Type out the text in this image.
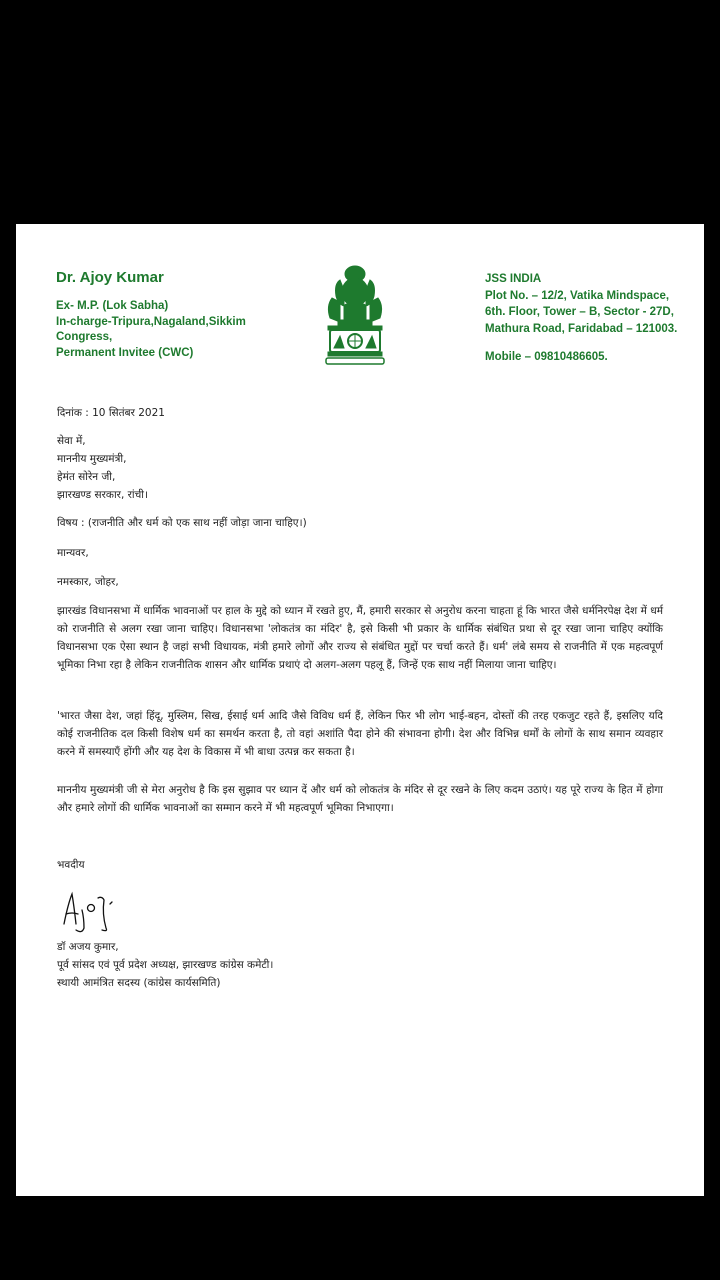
Dr. Ajoy Kumar
Ex- M.P. (Lok Sabha)
In-charge-Tripura,Nagaland,Sikkim
Congress,
Permanent Invitee (CWC)
JSS INDIA
Plot No. – 12/2, Vatika Mindspace,
6th. Floor, Tower – B, Sector - 27D,
Mathura Road, Faridabad – 121003.
Mobile – 09810486605.
दिनांक : 10 सितंबर 2021
सेवा में,
माननीय मुख्यमंत्री,
हेमंत सोरेन जी,
झारखण्ड सरकार, रांची।
विषय : (राजनीति और धर्म को एक साथ नहीं जोड़ा जाना चाहिए।)
मान्यवर,
नमस्कार, जोहर,
झारखंड विधानसभा में धार्मिक भावनाओं पर हाल के मुद्दे को ध्यान में रखते हुए, मैं, हमारी सरकार से अनुरोध करना चाहता हूं कि भारत जैसे धर्मनिरपेक्ष देश में धर्म को राजनीति से अलग रखा जाना चाहिए। विधानसभा 'लोकतंत्र का मंदिर' है, इसे किसी भी प्रकार के धार्मिक संबंधित प्रथा से दूर रखा जाना चाहिए क्योंकि विधानसभा एक ऐसा स्थान है जहां सभी विधायक, मंत्री हमारे लोगों और राज्य से संबंधित मुद्दों पर चर्चा करते हैं। धर्म' लंबे समय से राजनीति में एक महत्वपूर्ण भूमिका निभा रहा है लेकिन राजनीतिक शासन और धार्मिक प्रथाएं दो अलग-अलग पहलू हैं, जिन्हें एक साथ नहीं मिलाया जाना चाहिए।
'भारत जैसा देश, जहां हिंदू, मुस्लिम, सिख, ईसाई धर्म आदि जैसे विविध धर्म हैं, लेकिन फिर भी लोग भाई-बहन, दोस्तों की तरह एकजुट रहते हैं, इसलिए यदि कोई राजनीतिक दल किसी विशेष धर्म का समर्थन करता है, तो वहां अशांति पैदा होने की संभावना होगी। देश और विभिन्न धर्मों के लोगों के साथ समान व्यवहार करने में समस्याएँ होंगी और यह देश के विकास में भी बाधा उत्पन्न कर सकता है।
माननीय मुख्यमंत्री जी से मेरा अनुरोध है कि इस सुझाव पर ध्यान दें और धर्म को लोकतंत्र के मंदिर से दूर रखने के लिए कदम उठाएं। यह पूरे राज्य के हित में होगा और हमारे लोगों की धार्मिक भावनाओं का सम्मान करने में भी महत्वपूर्ण भूमिका निभाएगा।
भवदीय
डॉ अजय कुमार,
पूर्व सांसद एवं पूर्व प्रदेश अध्यक्ष, झारखण्ड कांग्रेस कमेटी।
स्थायी आमंत्रित सदस्य (कांग्रेस कार्यसमिति)
